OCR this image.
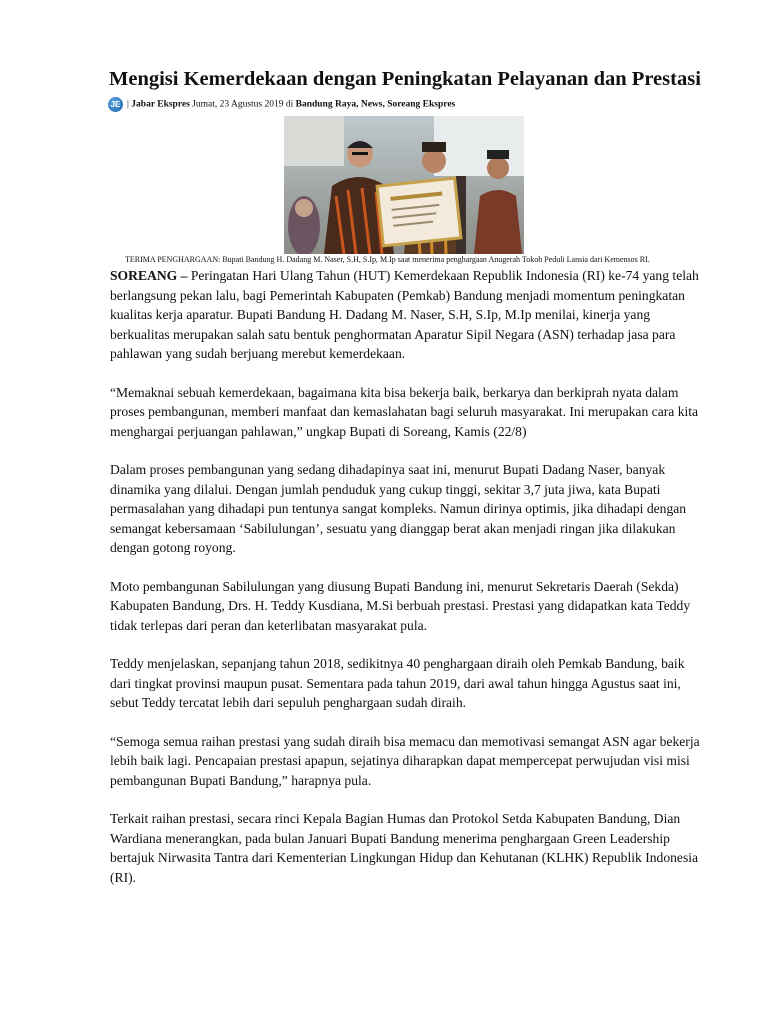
Mengisi Kemerdekaan dengan Peningkatan Pelayanan dan Prestasi
JE | Jabar Ekspres Jumat, 23 Agustus 2019 di Bandung Raya, News, Soreang Ekspres
TERIMA PENGHARGAAN: Bupati Bandung H. Dadang M. Naser, S.H, S.Ip, M.Ip saat menerima penghargaan Anugerah Tokoh Peduli Lansia dari Kemensos RI.

SOREANG – Peringatan Hari Ulang Tahun (HUT) Kemerdekaan Republik Indonesia (RI) ke-74 yang telah berlangsung pekan lalu, bagi Pemerintah Kabupaten (Pemkab) Bandung menjadi momentum peningkatan kualitas kerja aparatur. Bupati Bandung H. Dadang M. Naser, S.H, S.Ip, M.Ip menilai, kinerja yang berkualitas merupakan salah satu bentuk penghormatan Aparatur Sipil Negara (ASN) terhadap jasa para pahlawan yang sudah berjuang merebut kemerdekaan.

“Memaknai sebuah kemerdekaan, bagaimana kita bisa bekerja baik, berkarya dan berkiprah nyata dalam proses pembangunan, memberi manfaat dan kemaslahatan bagi seluruh masyarakat. Ini merupakan cara kita menghargai perjuangan pahlawan,” ungkap Bupati di Soreang, Kamis (22/8)

Dalam proses pembangunan yang sedang dihadapinya saat ini, menurut Bupati Dadang Naser, banyak dinamika yang dilalui. Dengan jumlah penduduk yang cukup tinggi, sekitar 3,7 juta jiwa, kata Bupati permasalahan yang dihadapi pun tentunya sangat kompleks. Namun dirinya optimis, jika dihadapi dengan semangat kebersamaan ‘Sabilulungan’, sesuatu yang dianggap berat akan menjadi ringan jika dilakukan dengan gotong royong.

Moto pembangunan Sabilulungan yang diusung Bupati Bandung ini, menurut Sekretaris Daerah (Sekda) Kabupaten Bandung, Drs. H. Teddy Kusdiana, M.Si berbuah prestasi. Prestasi yang didapatkan kata Teddy tidak terlepas dari peran dan keterlibatan masyarakat pula.

Teddy menjelaskan, sepanjang tahun 2018, sedikitnya 40 penghargaan diraih oleh Pemkab Bandung, baik dari tingkat provinsi maupun pusat. Sementara pada tahun 2019, dari awal tahun hingga Agustus saat ini, sebut Teddy tercatat lebih dari sepuluh penghargaan sudah diraih.

“Semoga semua raihan prestasi yang sudah diraih bisa memacu dan memotivasi semangat ASN agar bekerja lebih baik lagi. Pencapaian prestasi apapun, sejatinya diharapkan dapat mempercepat perwujudan visi misi pembangunan Bupati Bandung,” harapnya pula.

Terkait raihan prestasi, secara rinci Kepala Bagian Humas dan Protokol Setda Kabupaten Bandung, Dian Wardiana menerangkan, pada bulan Januari Bupati Bandung menerima penghargaan Green Leadership bertajuk Nirwasita Tantra dari Kementerian Lingkungan Hidup dan Kehutanan (KLHK) Republik Indonesia (RI).
